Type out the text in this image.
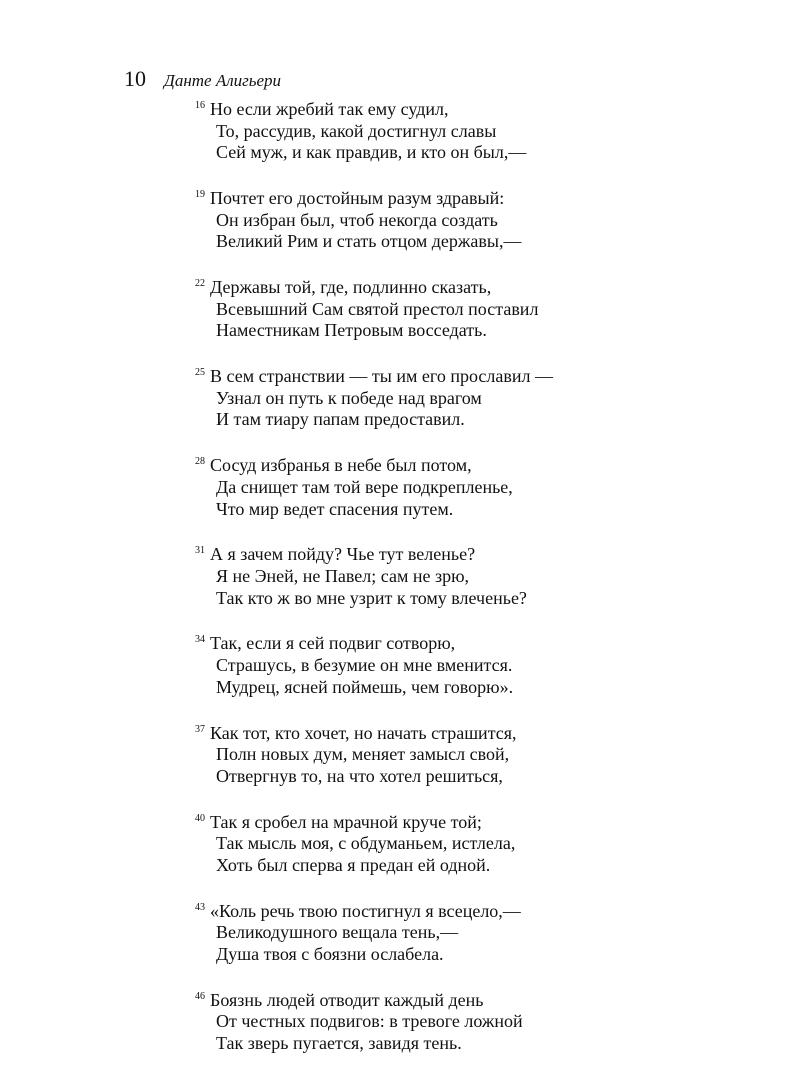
10 Данте Алигьери

16 Но если жребий так ему судил,
То, рассудив, какой достигнул славы
Сей муж, и как правдив, и кто он был,—

19 Почтет его достойным разум здравый:
Он избран был, чтоб некогда создать
Великий Рим и стать отцом державы,—

22 Державы той, где, подлинно сказать,
Всевышний Сам святой престол поставил
Наместникам Петровым восседать.

25 В сем странствии — ты им его прославил —
Узнал он путь к победе над врагом
И там тиару папам предоставил.

28 Сосуд избранья в небе был потом,
Да снищет там той вере подкрепленье,
Что мир ведет спасения путем.

31 А я зачем пойду? Чье тут веленье?
Я не Эней, не Павел; сам не зрю,
Так кто ж во мне узрит к тому влеченье?

34 Так, если я сей подвиг сотворю,
Страшусь, в безумие он мне вменится.
Мудрец, ясней поймешь, чем говорю».

37 Как тот, кто хочет, но начать страшится,
Полн новых дум, меняет замысл свой,
Отвергнув то, на что хотел решиться,

40 Так я сробел на мрачной круче той;
Так мысль моя, с обдуманьем, истлела,
Хоть был сперва я предан ей одной.

43 «Коль речь твою постигнул я всецело,—
Великодушного вещала тень,—
Душа твоя с боязни ослабела.

46 Боязнь людей отводит каждый день
От честных подвигов: в тревоге ложной
Так зверь пугается, завидя тень.
